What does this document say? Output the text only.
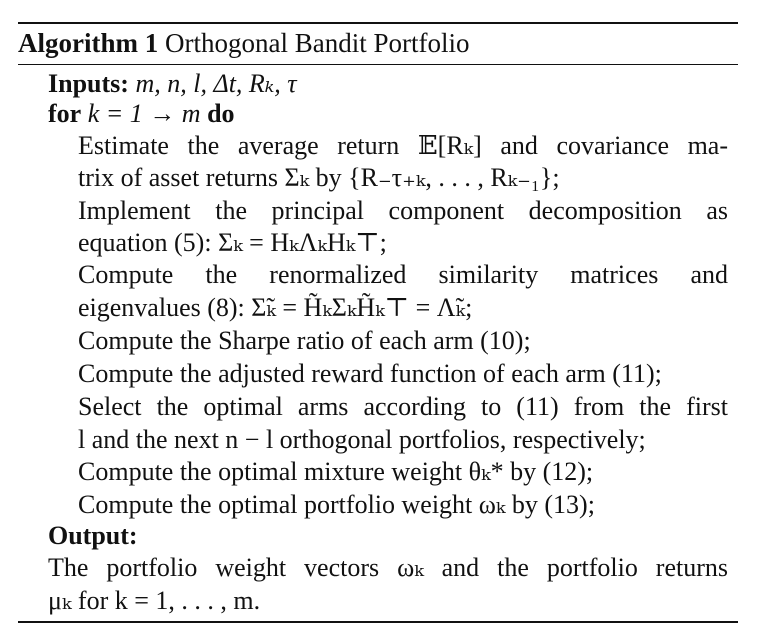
Algorithm 1 Orthogonal Bandit Portfolio
Inputs: m, n, l, Δt, Rₖ, τ
for k = 1 → m do
Estimate the average return 𝔼[Rₖ] and covariance ma-
trix of asset returns Σₖ by {R₋τ₊ₖ, . . . , Rₖ₋₁};
Implement the principal component decomposition as
equation (5): Σₖ = HₖΛₖHₖ⊤;
Compute the renormalized similarity matrices and
eigenvalues (8): Σ̃ₖ = H̃ₖΣₖH̃ₖ⊤ = Λ̃ₖ;
Compute the Sharpe ratio of each arm (10);
Compute the adjusted reward function of each arm (11);
Select the optimal arms according to (11) from the first
l and the next n − l orthogonal portfolios, respectively;
Compute the optimal mixture weight θₖ* by (12);
Compute the optimal portfolio weight ωₖ by (13);
Output:
The portfolio weight vectors ωₖ and the portfolio returns
μₖ for k = 1, . . . , m.
